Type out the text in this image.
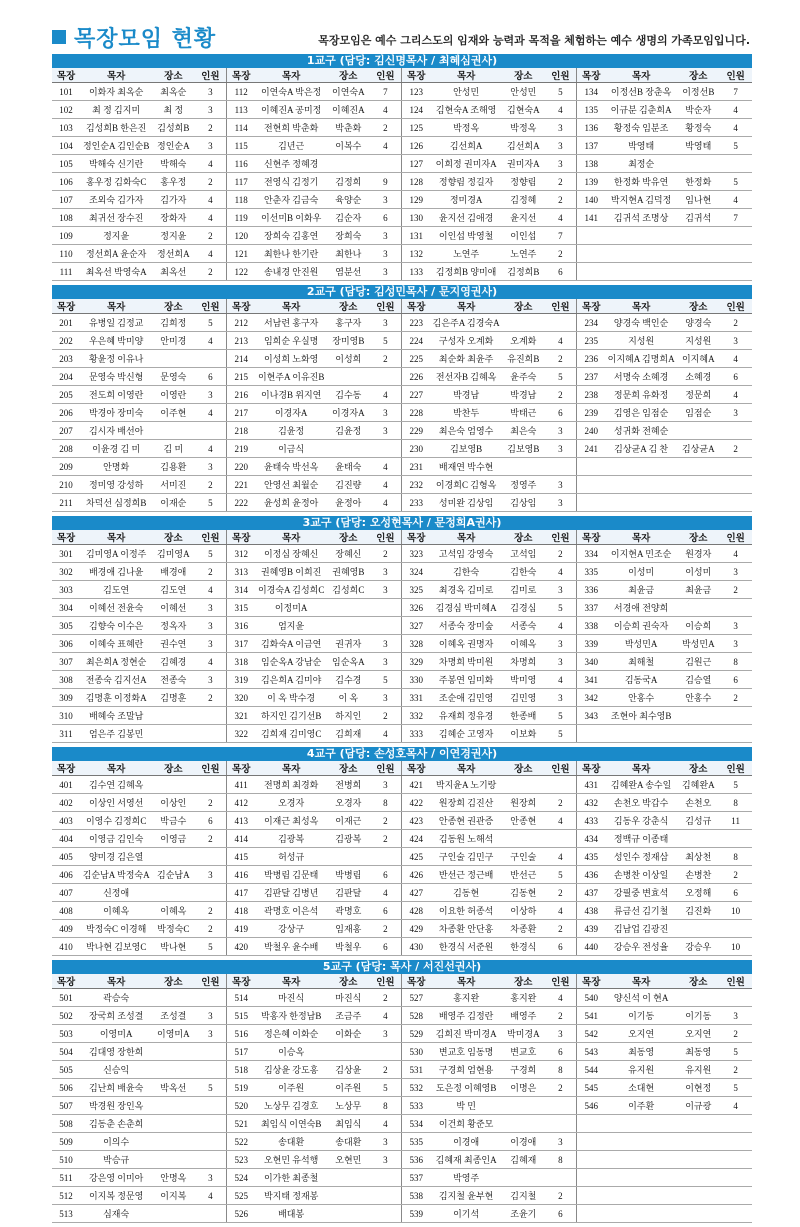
목장모임 현황	목장모임은 예수 그리스도의 임재와 능력과 목적을 체험하는 예수 생명의 가족모임입니다.
1교구 (담당: 김신명목사 / 최혜심권사)
목장	목자	장소	인원	목장	목자	장소	인원	목장	목자	장소	인원	목장	목자	장소	인원
101	이화자 최옥순	최옥순	3	112	이연숙A 박은정	이연숙A	7	123	안성민	안성민	5	134	이정선B 장춘옥	이정선B	7
102	최 정 김지미	최 정	3	113	이혜진A 공미정	이혜진A	4	124	김현숙A 조해영	김현숙A	4	135	이규분 김춘희A	박순자	4
103	김성희B 한은진	김성희B	2	114	전현희 박춘화	박춘화	2	125	박정옥	박정옥	3	136	황정숙 임분조	황정숙	4
104	정인순A 김인순B	정인순A	3	115	김년근	이복수	4	126	김선희A	김선희A	3	137	박영태	박영태	5
105	박해숙 신기란	박해숙	4	116	신현주 정혜경			127	이희정 권미자A	권미자A	3	138	최정순		
106	홍우정 김화숙C	홍우정	2	117	전영식 김정기	김정희	9	128	정향림 정길자	정향림	2	139	한정화 박유연	한정화	5
107	조외숙 김가자	김가자	4	118	안춘자 김금숙	육양순	3	129	정미경A	김정혜	2	140	박지현A 김덕정	임나현	4
108	최귀선 장수진	장화자	4	119	이선미B 이화우	김순자	6	130	윤지선 김애경	윤지선	4	141	김귀석 조명상	김귀석	7
109	정지윤	정지윤	2	120	장희숙 김홍연	장희숙	3	131	이인섭 박영철	이인섭	7				
110	정선희A 윤순자	정선희A	4	121	최한나 한기란	최한나	3	132	노연주	노연주	2				
111	최옥선 박영숙A	최옥선	2	122	송내경 안진원	염분선	3	133	김정희B 양미애	김정희B	6				
2교구 (담당: 김성민목사 / 문지영권사)
목장	목자	장소	인원	목장	목자	장소	인원	목장	목자	장소	인원	목장	목자	장소	인원
201	유병일 김정교	김희정	5	212	서남련 홍구자	홍구자	3	223	김은주A 김경숙A			234	양경숙 백인순	양경숙	2
202	우은혜 박미양	안미경	4	213	임희순 우실명	장미영B	5	224	구성자 오계화	오계화	4	235	지성원	지성원	3
203	황윤정 이유나			214	이성희 노화영	이성희	2	225	최순화 최윤주	유진희B	2	236	이지혜A 김명희A	이지혜A	4
204	문영숙 박신형	문영숙	6	215	이현주A 이유진B			226	전선자B 김혜옥	윤주숙	5	237	서명숙 소혜경	소혜경	6
205	전도희 이영란	이영란	3	216	이나경B 위지연	김수동	4	227	박경남	박경남	2	238	정문희 유화정	정문희	4
206	박경아 장미숙	이주현	4	217	이경자A	이경자A	3	228	박찬두	박태근	6	239	김영은 임점순	임점순	3
207	김시자 배선아			218	김윤정	김윤정	3	229	최은숙 엄영수	최은숙	3	240	성귀화 전혜순		
208	이윤경 김 미	김 미	4	219	이금식			230	김보영B	김보영B	3	241	김상균A 김 찬	김상균A	2
209	안명화	김용환	3	220	윤태숙 박선옥	윤태숙	4	231	배재연 박수현						
210	정미영 강성하	서미진	2	221	안영선 최월순	김진량	4	232	이경희C 김형옥	정영주	3				
211	차덕선 심정희B	이재순	5	222	윤성희 윤정아	윤정아	4	233	성미완 김상임	김상임	3				
3교구 (담당: 오성현목사 / 문정희A권사)
목장	목자	장소	인원	목장	목자	장소	인원	목장	목자	장소	인원	목장	목자	장소	인원
301	김미영A 이정주	김미영A	5	312	이정심 장혜신	장혜신	2	323	고석임 강영숙	고석임	2	334	이지현A 민조순	원경자	4
302	배경애 김나윤	배경애	2	313	권혜영B 이희진	권혜영B	3	324	김한숙	김한숙	4	335	이성미	이성미	3
303	김도연	김도연	4	314	이경숙A 김성희C	김성희C	3	325	최경옥 김미로	김미로	3	336	최윤금	최윤금	2
304	이혜선 전윤숙	이혜선	3	315	이정미A			326	김경심 박미혜A	김경심	5	337	서경애 전양희		
305	김향숙 이수은	정옥자	3	316	엄지윤			327	서종숙 장미숲	서종숙	4	338	이승희 권숙자	이승희	3
306	이혜숙 표혜란	권수연	3	317	김화숙A 이금연	권귀자	3	328	이혜옥 권명자	이혜옥	3	339	박성민A	박성민A	3
307	최은희A 정현순	김혜경	4	318	임순옥A 강남순	임순옥A	3	329	차명희 박미원	차명희	3	340	최해철	김원근	8
308	전종숙 김지선A	전종숙	3	319	김은희A 김미야	김수경	5	330	주봉연 임미화	박미영	4	341	김동국A	김승열	6
309	김명훈 이정화A	김명훈	2	320	이 옥 박수경	이 옥	3	331	조순애 김민영	김민영	3	342	안홍수	안홍수	2
310	배혜숙 조말남			321	하지인 김기선B	하지인	2	332	유재희 정유경	한종배	5	343	조현아 최수영B		
311	엄은주 김봉민			322	김희재 김미영C	김희재	4	333	김혜순 고영자	이보화	5				
4교구 (담당: 손성호목사 / 이연경권사)
목장	목자	장소	인원	목장	목자	장소	인원	목장	목자	장소	인원	목장	목자	장소	인원
401	김수연 김혜옥			411	전명희 최경화	전병희	3	421	박지윤A 노기랑			431	김혜완A 송수일	김혜완A	5
402	이상인 서영선	이상인	2	412	오경자	오경자	8	422	원장희 김진산	원장희	2	432	손천오 박갑수	손천오	8
403	이영수 김정희C	박금수	6	413	이재근 최성옥	이재근	2	423	안종현 권관증	안종현	4	433	김동우 강춘식	김성규	11
404	이영금 김인숙	이영금	2	414	김광복	김광복	2	424	김동원 노해석			434	정백규 이종태		
405	양미경 김은열			415	허성규			425	구인술 김민구	구인술	4	435	성인수 정재삼	최상천	8
406	김순남A 박정숙A	김순남A	3	416	박병림 김문태	박병림	6	426	반선근 정근배	반선근	5	436	손병찬 이상일	손병찬	2
407	신정애			417	김판달 김병년	김판달	4	427	김동현	김동현	2	437	강필중 변효석	오정해	6
408	이혜옥	이혜옥	2	418	곽명호 이은석	곽명호	6	428	이요한 허종석	이상하	4	438	류금선 김기철	김진화	10
409	박정숙C 이경해	박정숙C	2	419	강상구	임재홍	2	429	차종환 안단홍	차종환	2	439	김남업 김광진		
410	박나현 김보영C	박나현	5	420	박철우 윤수배	박철우	6	430	한경식 서준원	한경식	6	440	강승우 전성율	강승우	10
5교구 (담당: 목사 / 서진선권사)
목장	목자	장소	인원	목장	목자	장소	인원	목장	목자	장소	인원	목장	목자	장소	인원
501	곽승숙			514	마진식	마진식	2	527	홍지완	홍지완	4	540	양신석 이 현A		
502	장국희 조성결	조성결	3	515	박홍자 한정남B	조금주	4	528	배영주 김정란	배영주	2	541	이기동	이기동	3
503	이영미A	이영미A	3	516	정은혜 이화순	이화순	3	529	김희진 박미경A	박미경A	3	542	오지연	오지연	2
504	김대영 장한희			517	이승옥			530	변교호 임동명	변교호	6	543	최동영	최동영	5
505	신승익			518	김상윤 강도홍	김상윤	2	531	구경희 엄현용	구경희	8	544	유지원	유지원	2
506	김난희 배윤숙	박옥선	5	519	이주원	이주원	5	532	도은정 이혜영B	이명은	2	545	소대현	이현정	5
507	박경원 장인옥			520	노상무 김경호	노상무	8	533	박 민			546	이주환	이규광	4
508	김동춘 손춘희			521	최임식 이연숙B	최임식	4	534	이건희 황준모						
509	이의수			522	송대환	송대환	3	535	이경애	이경애	3				
510	박승규			523	오현민 유석행	오현민	3	536	김혜재 최종인A	김혜재	8				
511	강은영 이미아	안명옥	3	524	이가한 최종철			537	박영주						
512	이지복 정문영	이지복	4	525	박지태 정재봉			538	김지철 윤부현	김지철	2				
513	심재숙			526	배대봉			539	이기석	조윤기	6				
